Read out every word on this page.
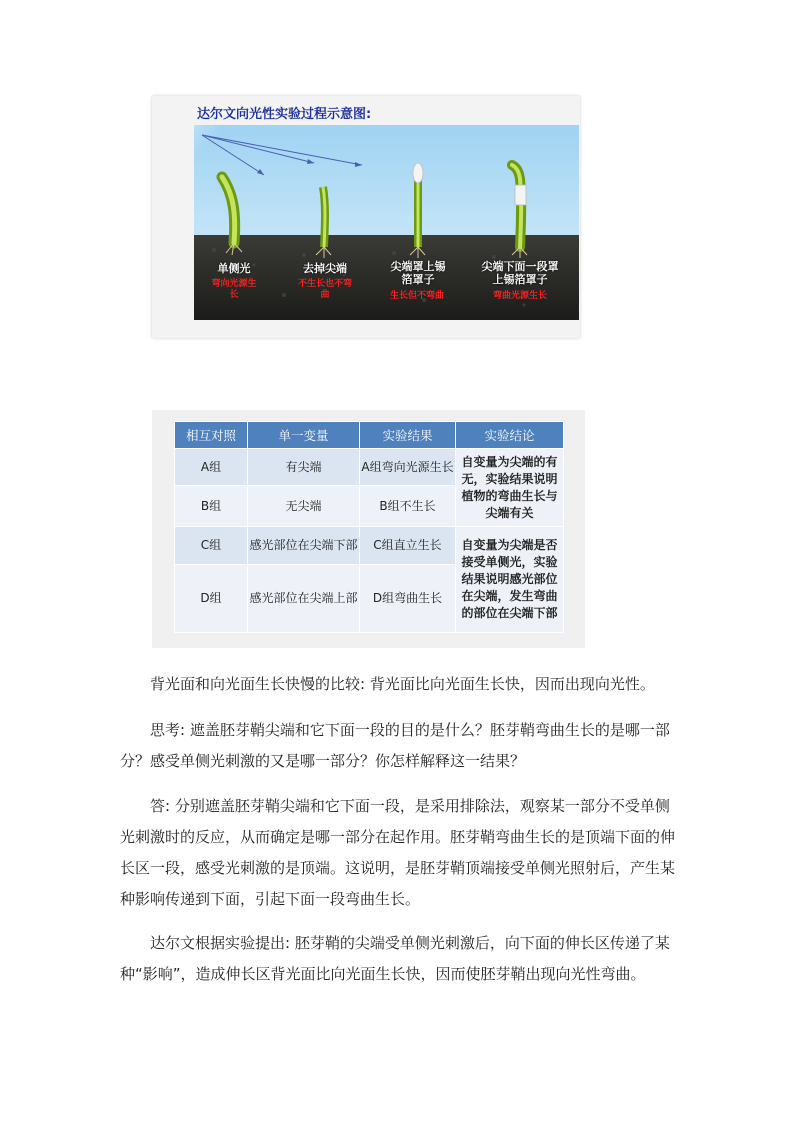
达尔文向光性实验过程示意图:
单侧光
弯向光源生长
去掉尖端
不生长也不弯曲
尖端罩上锡箔罩子
生长但不弯曲
尖端下面一段罩上锡箔罩子
弯曲光源生长
相互对照	单一变量	实验结果	实验结论
A组	有尖端	A组弯向光源生长	自变量为尖端的有无，实验结果说明植物的弯曲生长与尖端有关
B组	无尖端	B组不生长	
C组	感光部位在尖端下部	C组直立生长	自变量为尖端是否接受单侧光，实验结果说明感光部位在尖端，发生弯曲的部位在尖端下部
D组	感光部位在尖端上部	D组弯曲生长	
背光面和向光面生长快慢的比较: 背光面比向光面生长快，因而出现向光性。
思考: 遮盖胚芽鞘尖端和它下面一段的目的是什么？胚芽鞘弯曲生长的是哪一部分？感受单侧光刺激的又是哪一部分？你怎样解释这一结果？
答: 分别遮盖胚芽鞘尖端和它下面一段，是采用排除法，观察某一部分不受单侧光刺激时的反应，从而确定是哪一部分在起作用。胚芽鞘弯曲生长的是顶端下面的伸长区一段，感受光刺激的是顶端。这说明，是胚芽鞘顶端接受单侧光照射后，产生某种影响传递到下面，引起下面一段弯曲生长。
达尔文根据实验提出: 胚芽鞘的尖端受单侧光刺激后，向下面的伸长区传递了某种“影响”，造成伸长区背光面比向光面生长快，因而使胚芽鞘出现向光性弯曲。
